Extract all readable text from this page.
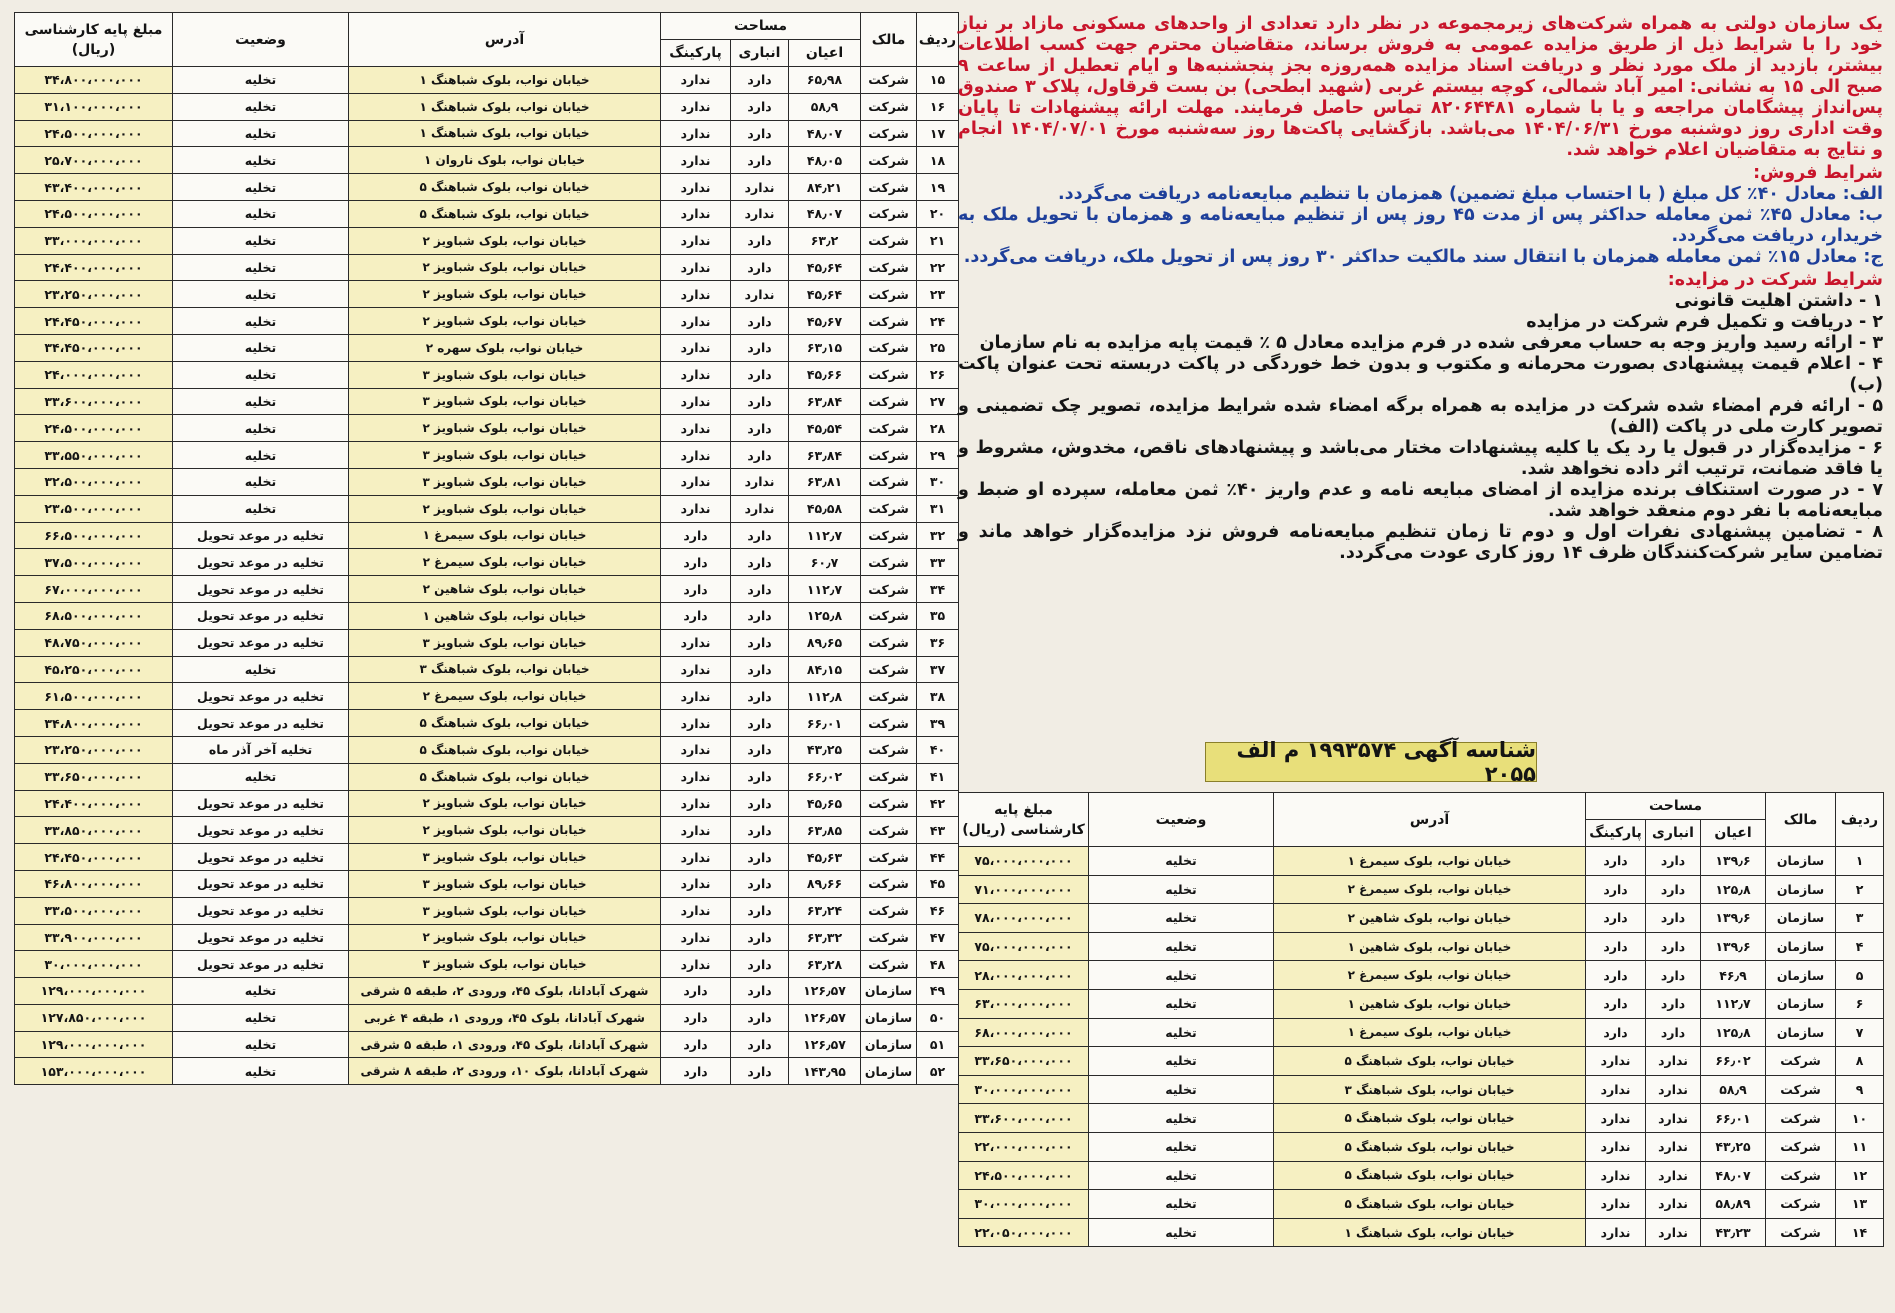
ردیف	مالک	مساحت			آدرس	وضعیت	مبلغ پایه کارشناسی (ریال)
		اعیان	انباری	پارکینگ			
۱۵	شرکت	۶۵٫۹۸	دارد	ندارد	خیابان نواب، بلوک شباهنگ ۱	تخلیه	۳۴،۸۰۰،۰۰۰،۰۰۰
۱۶	شرکت	۵۸٫۹	دارد	ندارد	خیابان نواب، بلوک شباهنگ ۱	تخلیه	۳۱،۱۰۰،۰۰۰،۰۰۰
۱۷	شرکت	۴۸٫۰۷	دارد	ندارد	خیابان نواب، بلوک شباهنگ ۱	تخلیه	۲۴،۵۰۰،۰۰۰،۰۰۰
۱۸	شرکت	۴۸٫۰۵	دارد	ندارد	خیابان نواب، بلوک ناروان ۱	تخلیه	۲۵،۷۰۰،۰۰۰،۰۰۰
۱۹	شرکت	۸۴٫۲۱	ندارد	ندارد	خیابان نواب، بلوک شباهنگ ۵	تخلیه	۴۳،۴۰۰،۰۰۰،۰۰۰
۲۰	شرکت	۴۸٫۰۷	ندارد	ندارد	خیابان نواب، بلوک شباهنگ ۵	تخلیه	۲۴،۵۰۰،۰۰۰،۰۰۰
۲۱	شرکت	۶۳٫۲	دارد	ندارد	خیابان نواب، بلوک شباویز ۲	تخلیه	۳۳،۰۰۰،۰۰۰،۰۰۰
۲۲	شرکت	۴۵٫۶۴	دارد	ندارد	خیابان نواب، بلوک شباویز ۲	تخلیه	۲۴،۴۰۰،۰۰۰،۰۰۰
۲۳	شرکت	۴۵٫۶۴	ندارد	ندارد	خیابان نواب، بلوک شباویز ۲	تخلیه	۲۳،۲۵۰،۰۰۰،۰۰۰
۲۴	شرکت	۴۵٫۶۷	دارد	ندارد	خیابان نواب، بلوک شباویز ۲	تخلیه	۲۴،۴۵۰،۰۰۰،۰۰۰
۲۵	شرکت	۶۳٫۱۵	دارد	ندارد	خیابان نواب، بلوک سهره ۲	تخلیه	۳۴،۴۵۰،۰۰۰،۰۰۰
۲۶	شرکت	۴۵٫۶۶	دارد	ندارد	خیابان نواب، بلوک شباویز ۳	تخلیه	۲۴،۰۰۰،۰۰۰،۰۰۰
۲۷	شرکت	۶۳٫۸۴	دارد	ندارد	خیابان نواب، بلوک شباویز ۳	تخلیه	۳۳،۶۰۰،۰۰۰،۰۰۰
۲۸	شرکت	۴۵٫۵۴	دارد	ندارد	خیابان نواب، بلوک شباویز ۲	تخلیه	۲۴،۵۰۰،۰۰۰،۰۰۰
۲۹	شرکت	۶۳٫۸۴	دارد	ندارد	خیابان نواب، بلوک شباویز ۳	تخلیه	۳۳،۵۵۰،۰۰۰،۰۰۰
۳۰	شرکت	۶۳٫۸۱	ندارد	ندارد	خیابان نواب، بلوک شباویز ۳	تخلیه	۳۲،۵۰۰،۰۰۰،۰۰۰
۳۱	شرکت	۴۵٫۵۸	ندارد	ندارد	خیابان نواب، بلوک شباویز ۲	تخلیه	۲۳،۵۰۰،۰۰۰،۰۰۰
۳۲	شرکت	۱۱۲٫۷	دارد	دارد	خیابان نواب، بلوک سیمرغ ۱	تخلیه در موعد تحویل	۶۶،۵۰۰،۰۰۰،۰۰۰
۳۳	شرکت	۶۰٫۷	دارد	دارد	خیابان نواب، بلوک سیمرغ ۲	تخلیه در موعد تحویل	۳۷،۵۰۰،۰۰۰،۰۰۰
۳۴	شرکت	۱۱۲٫۷	دارد	دارد	خیابان نواب، بلوک شاهین ۲	تخلیه در موعد تحویل	۶۷،۰۰۰،۰۰۰،۰۰۰
۳۵	شرکت	۱۲۵٫۸	دارد	دارد	خیابان نواب، بلوک شاهین ۱	تخلیه در موعد تحویل	۶۸،۵۰۰،۰۰۰،۰۰۰
۳۶	شرکت	۸۹٫۶۵	دارد	ندارد	خیابان نواب، بلوک شباویز ۳	تخلیه در موعد تحویل	۴۸،۷۵۰،۰۰۰،۰۰۰
۳۷	شرکت	۸۴٫۱۵	دارد	ندارد	خیابان نواب، بلوک شباهنگ ۳	تخلیه	۴۵،۲۵۰،۰۰۰،۰۰۰
۳۸	شرکت	۱۱۲٫۸	دارد	ندارد	خیابان نواب، بلوک سیمرغ ۲	تخلیه در موعد تحویل	۶۱،۵۰۰،۰۰۰،۰۰۰
۳۹	شرکت	۶۶٫۰۱	دارد	ندارد	خیابان نواب، بلوک شباهنگ ۵	تخلیه در موعد تحویل	۳۴،۸۰۰،۰۰۰،۰۰۰
۴۰	شرکت	۴۳٫۲۵	دارد	ندارد	خیابان نواب، بلوک شباهنگ ۵	تخلیه آخر آذر ماه	۲۳،۲۵۰،۰۰۰،۰۰۰
۴۱	شرکت	۶۶٫۰۲	دارد	ندارد	خیابان نواب، بلوک شباهنگ ۵	تخلیه	۳۳،۶۵۰،۰۰۰،۰۰۰
۴۲	شرکت	۴۵٫۶۵	دارد	ندارد	خیابان نواب، بلوک شباویز ۲	تخلیه در موعد تحویل	۲۴،۴۰۰،۰۰۰،۰۰۰
۴۳	شرکت	۶۳٫۸۵	دارد	ندارد	خیابان نواب، بلوک شباویز ۲	تخلیه در موعد تحویل	۳۳،۸۵۰،۰۰۰،۰۰۰
۴۴	شرکت	۴۵٫۶۳	دارد	ندارد	خیابان نواب، بلوک شباویز ۳	تخلیه در موعد تحویل	۲۴،۴۵۰،۰۰۰،۰۰۰
۴۵	شرکت	۸۹٫۶۶	دارد	ندارد	خیابان نواب، بلوک شباویز ۳	تخلیه در موعد تحویل	۴۶،۸۰۰،۰۰۰،۰۰۰
۴۶	شرکت	۶۳٫۲۴	دارد	ندارد	خیابان نواب، بلوک شباویز ۳	تخلیه در موعد تحویل	۳۳،۵۰۰،۰۰۰،۰۰۰
۴۷	شرکت	۶۳٫۳۲	دارد	ندارد	خیابان نواب، بلوک شباویز ۲	تخلیه در موعد تحویل	۳۳،۹۰۰،۰۰۰،۰۰۰
۴۸	شرکت	۶۳٫۲۸	دارد	ندارد	خیابان نواب، بلوک شباویز ۳	تخلیه در موعد تحویل	۳۰،۰۰۰،۰۰۰،۰۰۰
۴۹	سازمان	۱۲۶٫۵۷	دارد	دارد	شهرک آبادانا، بلوک ۴۵، ورودی ۲، طبقه ۵ شرقی	تخلیه	۱۲۹،۰۰۰،۰۰۰،۰۰۰
۵۰	سازمان	۱۲۶٫۵۷	دارد	دارد	شهرک آبادانا، بلوک ۴۵، ورودی ۱، طبقه ۴ غربی	تخلیه	۱۲۷،۸۵۰،۰۰۰،۰۰۰
۵۱	سازمان	۱۲۶٫۵۷	دارد	دارد	شهرک آبادانا، بلوک ۴۵، ورودی ۱، طبقه ۵ شرقی	تخلیه	۱۲۹،۰۰۰،۰۰۰،۰۰۰
۵۲	سازمان	۱۴۳٫۹۵	دارد	دارد	شهرک آبادانا، بلوک ۱۰، ورودی ۲، طبقه ۸ شرقی	تخلیه	۱۵۳،۰۰۰،۰۰۰،۰۰۰

یک سازمان دولتی به همراه شرکت‌های زیرمجموعه در نظر دارد تعدادی از واحدهای مسکونی مازاد بر نیاز خود را با شرایط ذیل از طریق مزایده عمومی به فروش برساند، متقاضیان محترم جهت کسب اطلاعات بیشتر، بازدید از ملک مورد نظر و دریافت اسناد مزایده همه‌روزه بجز پنجشنبه‌ها و ایام تعطیل از ساعت ۹ صبح الی ۱۵ به نشانی: امیر آباد شمالی، کوچه بیستم غربی (شهید ابطحی) بن بست قرقاول، پلاک ۳ صندوق پس‌انداز پیشگامان مراجعه و یا با شماره ۸۲۰۶۴۴۸۱ تماس حاصل فرمایند. مهلت ارائه پیشنهادات تا پایان وقت اداری روز دوشنبه مورخ ۱۴۰۴/۰۶/۳۱ می‌باشد. بازگشایی پاکت‌ها روز سه‌شنبه مورخ ۱۴۰۴/۰۷/۰۱ انجام و نتایج به متقاضیان اعلام خواهد شد.

شرایط فروش:

الف: معادل ۴۰٪ کل مبلغ ( با احتساب مبلغ تضمین) همزمان با تنظیم مبایعه‌نامه دریافت می‌گردد.

ب: معادل ۴۵٪ ثمن معامله حداکثر پس از مدت ۴۵ روز پس از تنظیم مبایعه‌نامه و همزمان با تحویل ملک به خریدار، دریافت می‌گردد.

ج: معادل ۱۵٪ ثمن معامله همزمان با انتقال سند مالکیت حداکثر ۳۰ روز پس از تحویل ملک، دریافت می‌گردد.

شرایط شرکت در مزایده:

۱ - داشتن اهلیت قانونی

۲ - دریافت و تکمیل فرم شرکت در مزایده

۳ - ارائه رسید واریز وجه به حساب معرفی شده در فرم مزایده معادل ۵ ٪ قیمت پایه مزایده به نام سازمان

۴ - اعلام قیمت پیشنهادی بصورت محرمانه و مکتوب و بدون خط خوردگی در پاکت دربسته تحت عنوان پاکت (ب)

۵ - ارائه فرم امضاء شده شرکت در مزایده به همراه برگه امضاء شده شرایط مزایده، تصویر چک تضمینی و تصویر کارت ملی در پاکت (الف)

۶ - مزایده‌گزار در قبول یا رد یک یا کلیه پیشنهادات مختار می‌باشد و پیشنهادهای ناقص، مخدوش، مشروط و یا فاقد ضمانت، ترتیب اثر داده نخواهد شد.

۷ - در صورت استنکاف برنده مزایده از امضای مبایعه نامه و عدم واریز ۴۰٪ ثمن معامله، سپرده او ضبط و مبایعه‌نامه با نفر دوم منعقد خواهد شد.

۸ - تضامین پیشنهادی نفرات اول و دوم تا زمان تنظیم مبایعه‌نامه فروش نزد مزایده‌گزار خواهد ماند و تضامین سایر شرکت‌کنندگان ظرف ۱۴ روز کاری عودت می‌گردد.

شناسه آگهی ۱۹۹۳۵۷۴ م الف ۲۰۵۵
ردیف	مالک	مساحت			آدرس	وضعیت	مبلغ پایه کارشناسی (ریال)
		اعیان	انباری	پارکینگ			
۱	سازمان	۱۳۹٫۶	دارد	دارد	خیابان نواب، بلوک سیمرغ ۱	تخلیه	۷۵،۰۰۰،۰۰۰،۰۰۰
۲	سازمان	۱۲۵٫۸	دارد	دارد	خیابان نواب، بلوک سیمرغ ۲	تخلیه	۷۱،۰۰۰،۰۰۰،۰۰۰
۳	سازمان	۱۳۹٫۶	دارد	دارد	خیابان نواب، بلوک شاهین ۲	تخلیه	۷۸،۰۰۰،۰۰۰،۰۰۰
۴	سازمان	۱۳۹٫۶	دارد	دارد	خیابان نواب، بلوک شاهین ۱	تخلیه	۷۵،۰۰۰،۰۰۰،۰۰۰
۵	سازمان	۴۶٫۹	دارد	دارد	خیابان نواب، بلوک سیمرغ ۲	تخلیه	۲۸،۰۰۰،۰۰۰،۰۰۰
۶	سازمان	۱۱۲٫۷	دارد	دارد	خیابان نواب، بلوک شاهین ۱	تخلیه	۶۳،۰۰۰،۰۰۰،۰۰۰
۷	سازمان	۱۲۵٫۸	دارد	دارد	خیابان نواب، بلوک سیمرغ ۱	تخلیه	۶۸،۰۰۰،۰۰۰،۰۰۰
۸	شرکت	۶۶٫۰۲	ندارد	ندارد	خیابان نواب، بلوک شباهنگ ۵	تخلیه	۳۳،۶۵۰،۰۰۰،۰۰۰
۹	شرکت	۵۸٫۹	ندارد	ندارد	خیابان نواب، بلوک شباهنگ ۳	تخلیه	۳۰،۰۰۰،۰۰۰،۰۰۰
۱۰	شرکت	۶۶٫۰۱	ندارد	ندارد	خیابان نواب، بلوک شباهنگ ۵	تخلیه	۳۳،۶۰۰،۰۰۰،۰۰۰
۱۱	شرکت	۴۳٫۲۵	ندارد	ندارد	خیابان نواب، بلوک شباهنگ ۵	تخلیه	۲۲،۰۰۰،۰۰۰،۰۰۰
۱۲	شرکت	۴۸٫۰۷	ندارد	ندارد	خیابان نواب، بلوک شباهنگ ۵	تخلیه	۲۴،۵۰۰،۰۰۰،۰۰۰
۱۳	شرکت	۵۸٫۸۹	ندارد	ندارد	خیابان نواب، بلوک شباهنگ ۵	تخلیه	۳۰،۰۰۰،۰۰۰،۰۰۰
۱۴	شرکت	۴۳٫۲۳	ندارد	ندارد	خیابان نواب، بلوک شباهنگ ۱	تخلیه	۲۲،۰۵۰،۰۰۰،۰۰۰
